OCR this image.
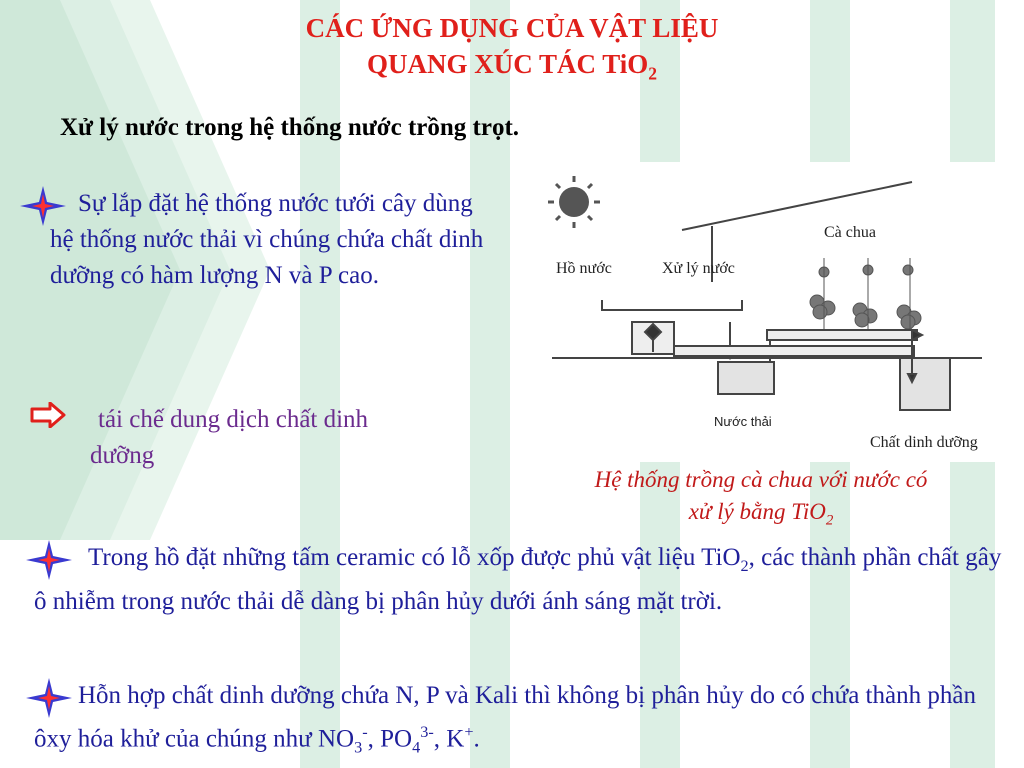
CÁC ỨNG DỤNG CỦA VẬT LIỆU
QUANG XÚC TÁC TiO$_2$
Xử lý nước trong hệ thống nước trồng trọt.
Sự lắp đặt hệ thống nước tưới cây dùng hệ thống nước thải vì chúng chứa chất dinh dưỡng có hàm lượng N và P cao.
tái chế dung dịch chất dinh dưỡng
Hồ nước	Xử lý nước
Cà chua
Nước thải
Chất dinh dưỡng
Hệ thống trồng cà chua với nước có
xử lý bằng TiO$_2$
Trong hồ đặt những tấm ceramic có lỗ xốp được phủ vật liệu TiO$_2$, các thành phần chất gây ô nhiễm trong nước thải dễ dàng bị phân hủy dưới ánh sáng mặt trời.
Hỗn hợp chất dinh dưỡng chứa N, P và Kali thì không bị phân hủy do có chứa thành phần ôxy hóa khử của chúng như $NO_3^-$, $PO_4^{3-}$, K+.
